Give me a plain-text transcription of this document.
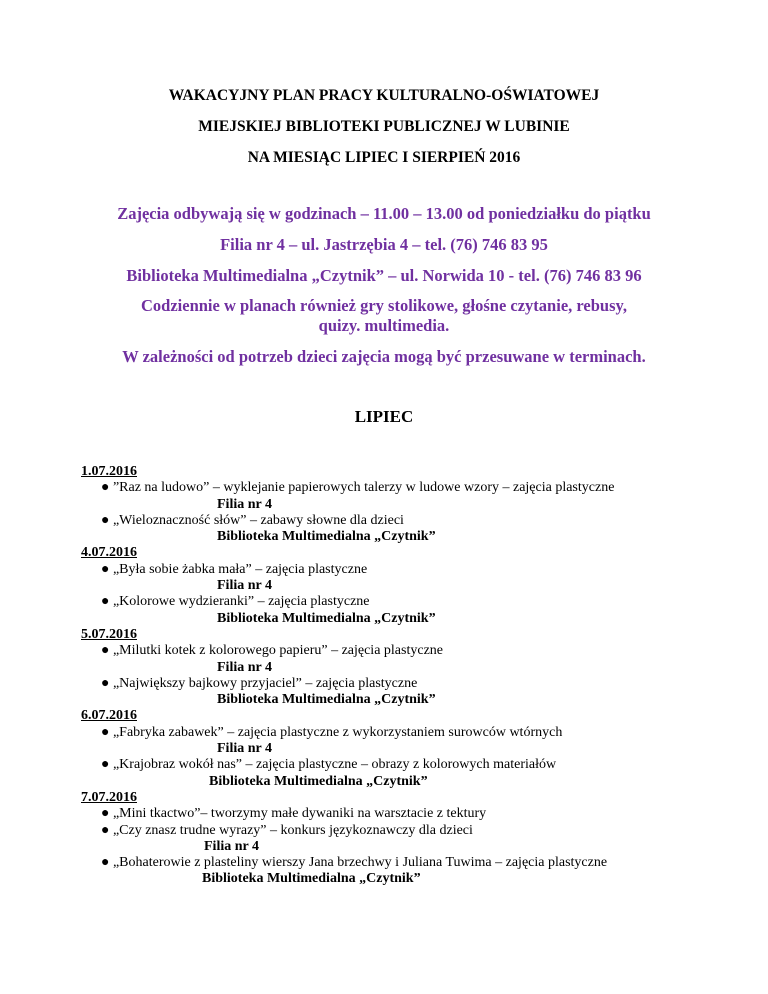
WAKACYJNY PLAN PRACY KULTURALNO-OŚWIATOWEJ
MIEJSKIEJ BIBLIOTEKI PUBLICZNEJ W LUBINIE
NA MIESIĄC LIPIEC I SIERPIEŃ 2016
Zajęcia odbywają się w godzinach – 11.00 – 13.00 od poniedziałku do piątku
Filia nr 4 – ul. Jastrzębia 4 – tel. (76) 746 83 95
Biblioteka Multimedialna „Czytnik” – ul. Norwida 10 - tel. (76) 746 83 96
Codziennie w planach również gry stolikowe, głośne czytanie, rebusy,
quizy. multimedia.
W zależności od potrzeb dzieci zajęcia mogą być przesuwane w terminach.
LIPIEC
1.07.2016
● ”Raz na ludowo” – wyklejanie papierowych talerzy w ludowe wzory – zajęcia plastyczne
Filia nr 4
● „Wieloznaczność słów” – zabawy słowne dla dzieci
Biblioteka Multimedialna „Czytnik”
4.07.2016
● „Była sobie żabka mała” – zajęcia plastyczne
Filia nr 4
● „Kolorowe wydzieranki” – zajęcia plastyczne
Biblioteka Multimedialna „Czytnik”
5.07.2016
● „Milutki kotek z kolorowego papieru” – zajęcia plastyczne
Filia nr 4
● „Największy bajkowy przyjaciel” – zajęcia plastyczne
Biblioteka Multimedialna „Czytnik”
6.07.2016
● „Fabryka zabawek” – zajęcia plastyczne z wykorzystaniem surowców wtórnych
Filia nr 4
● „Krajobraz wokół nas” – zajęcia plastyczne – obrazy z kolorowych materiałów
Biblioteka Multimedialna „Czytnik”
7.07.2016
● „Mini tkactwo”– tworzymy małe dywaniki na warsztacie z tektury
● „Czy znasz trudne wyrazy” – konkurs językoznawczy dla dzieci
Filia nr 4
● „Bohaterowie z plasteliny wierszy Jana brzechwy i Juliana Tuwima – zajęcia plastyczne
Biblioteka Multimedialna „Czytnik”
